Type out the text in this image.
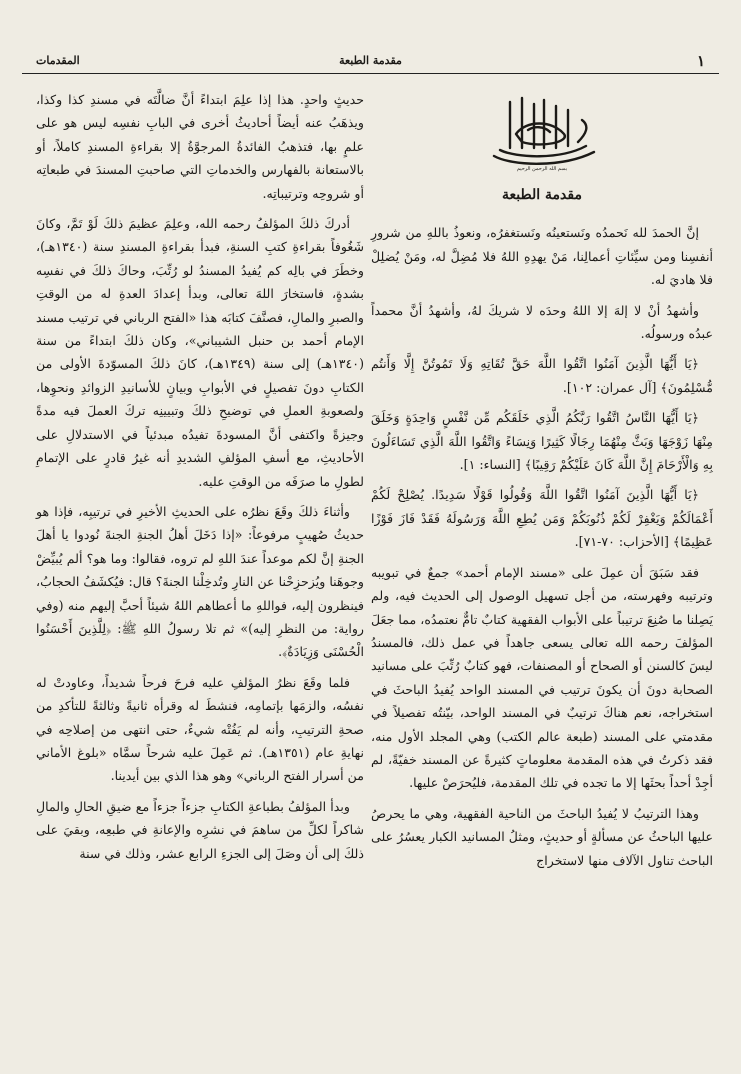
١
مقدمة الطبعة
المقدمات
بسم الله الرحمن الرحيم
مقدمة الطبعة

إنَّ الحمدَ لله نَحمدُه ونَستعينُه ونَستغفرُه، ونعوذُ باللهِ من شرورِ أنفسِنا ومن سيِّئاتِ أعمالِنا، مَنْ يهدِهِ اللهُ فلا مُضِلَّ له، ومَنْ يُضلِلْ فلا هاديَ له.

وأشهدُ أنْ لا إلهَ إلا اللهُ وحدَه لا شريكَ لهُ، وأشهدُ أنَّ محمداً عبدُه ورسولُه.

﴿يَا أَيُّهَا الَّذِينَ آمَنُوا اتَّقُوا اللَّهَ حَقَّ تُقَاتِهِ وَلَا تَمُوتُنَّ إِلَّا وَأَنتُم مُّسْلِمُونَ﴾ [آل عمران: ١٠٢].

﴿يَا أَيُّهَا النَّاسُ اتَّقُوا رَبَّكُمُ الَّذِي خَلَقَكُم مِّن نَّفْسٍ وَاحِدَةٍ وَخَلَقَ مِنْهَا زَوْجَهَا وَبَثَّ مِنْهُمَا رِجَالًا كَثِيرًا وَنِسَاءً وَاتَّقُوا اللَّهَ الَّذِي تَسَاءَلُونَ بِهِ وَالْأَرْحَامَ إِنَّ اللَّهَ كَانَ عَلَيْكُمْ رَقِيبًا﴾ [النساء: ١].

﴿يَا أَيُّهَا الَّذِينَ آمَنُوا اتَّقُوا اللَّهَ وَقُولُوا قَوْلًا سَدِيدًا. يُصْلِحْ لَكُمْ أَعْمَالَكُمْ وَيَغْفِرْ لَكُمْ ذُنُوبَكُمْ وَمَن يُطِعِ اللَّهَ وَرَسُولَهُ فَقَدْ فَازَ فَوْزًا عَظِيمًا﴾ [الأحزاب: ٧٠-٧١].

فقد سَبَقَ أن عمِلَ على «مسند الإمام أحمد» جمعٌ في تبويبه وترتيبه وفهرسته، من أجل تسهيل الوصول إلى الحديث فيه، ولم يَصِلنا ما صُنِعَ ترتيباً على الأبواب الفقهية كتابٌ تامٌّ نعتمدُه، مما جعَلَ المؤلفَ رحمه الله تعالى يسعى جاهداً في عمل ذلك، فالمسندُ ليسَ كالسنن أو الصحاح أو المصنفات، فهو كتابٌ رُتِّبَ على مسانيد الصحابة دونَ أن يكونَ ترتيب في المسند الواحد يُفيدُ الباحثَ في استخراجه، نعم هناكَ ترتيبٌ في المسند الواحد، بيّنتُه تفصيلاً في مقدمتي على المسند (طبعة عالم الكتب) وهي المجلد الأول منه، فقد ذكرتُ في هذه المقدمة معلوماتٍ كثيرةً عن المسند خفيّةً، لم أجِدْ أحداً بحثَها إلا ما تجده في تلك المقدمة، فليُحرَصْ عليها.

وهذا الترتيبُ لا يُفيدُ الباحثَ من الناحية الفقهية، وهي ما يحرصُ عليها الباحثُ عن مسألةٍ أو حديثٍ، ومثلُ المسانيد الكبار يعسُرُ على الباحث تناول الآلاف منها لاستخراج

حديثٍ واحدٍ. هذا إذا علِمَ ابتداءً أنَّ ضالَّتَه في مسندِ كذا وكذا، ويذهَبُ عنه أيضاً أحاديثُ أخرى في البابِ نفسِه ليس هو على علمٍ بها، فتذهبُ الفائدةُ المرجوَّةُ إلا بقراءةِ المسندِ كاملاً، أو بالاستعانة بالفهارس والخدماتِ التي صاحبتِ المسندَ في طبعاتِه أو شروحِه وترتيباتِه.

أدركَ ذلكَ المؤلفُ رحمه الله، وعلِمَ عظيمَ ذلكَ لَوْ تَمَّ، وكانَ شَغُوفاً بقراءةِ كتبِ السنةِ، فبدأ بقراءةِ المسندِ سنة (١٣٤٠هـ)، وخطَرَ في بالِه كم يُفيدُ المسندُ لو رُتِّبَ، وحاكَ ذلكَ في نفسِه بشدةٍ، فاستخارَ اللهَ تعالى، وبدأ إعدادَ العدةِ له من الوقتِ والصبرِ والمالِ، فصنَّفَ كتابَه هذا «الفتح الرباني في ترتيب مسند الإمام أحمد بن حنبل الشيباني»، وكان ذلكَ ابتداءً من سنة (١٣٤٠هـ) إلى سنة (١٣٤٩هـ)، كانَ ذلكَ المسوّدةَ الأولى من الكتابِ دونَ تفصيلٍ في الأبوابِ وبيانٍ للأسانيدِ الزوائدِ ونحوِها، ولصعوبةِ العملِ في توضيحِ ذلكَ وتبيينِه تركَ العملَ فيه مدةً وجيزةً واكتفى أنَّ المسودةَ تفيدُه مبدئياً في الاستدلالِ على الأحاديثِ، مع أسفِ المؤلفِ الشديدِ أنه غيرُ قادرٍ على الإتمامِ لطولِ ما صرَفَه من الوقتِ عليه.

وأثناءَ ذلكَ وقَعَ نظرُه على الحديثِ الأخيرِ في ترتيبِه، فإذا هو حديثُ صُهيبٍ مرفوعاً: «إذا دَخَلَ أهلُ الجنةِ الجنةَ نُودوا يا أهلَ الجنةِ إنَّ لكم موعداً عندَ اللهِ لم تروه، فقالوا: وما هو؟ ألم يُبيِّضْ وجوهَنا ويُزحزِحْنا عن النارِ وتُدخِلْنا الجنةَ؟ قال: فيُكشَفُ الحجابُ، فينظرون إليه، فواللهِ ما أعطاهم اللهُ شيئاً أحبَّ إليهم منه (وفي رواية: من النظرِ إليه)» ثم تلا رسولُ اللهِ ﷺ: ﴿لِلَّذِينَ أَحْسَنُوا الْحُسْنَى وَزِيَادَةٌ﴾.

فلما وقَعَ نظرُ المؤلفِ عليه فرحَ فرحاً شديداً، وعاودتْ له نفسُه، والزمَها بإتمامِه، فنشطَ له وقرأه ثانيةً وثالثةً للتأكدِ من صحةِ الترتيبِ، وأنه لم يَفُتْه شيءٌ، حتى انتهى من إصلاحِه في نهايةِ عام (١٣٥١هـ). ثم عَمِلَ عليه شرحاً سمَّاه «بلوغ الأماني من أسرار الفتح الرباني» وهو هذا الذي بين أيدينا.

وبدأ المؤلفُ بطباعةِ الكتابِ جزءاً جزءاً مع ضيقِ الحالِ والمالِ شاكراً لكلِّ من ساهمَ في نشرِه والإعانةِ في طبعِه، وبقيَ على ذلكَ إلى أن وصَلَ إلى الجزءِ الرابع عشر، وذلك في سنة
